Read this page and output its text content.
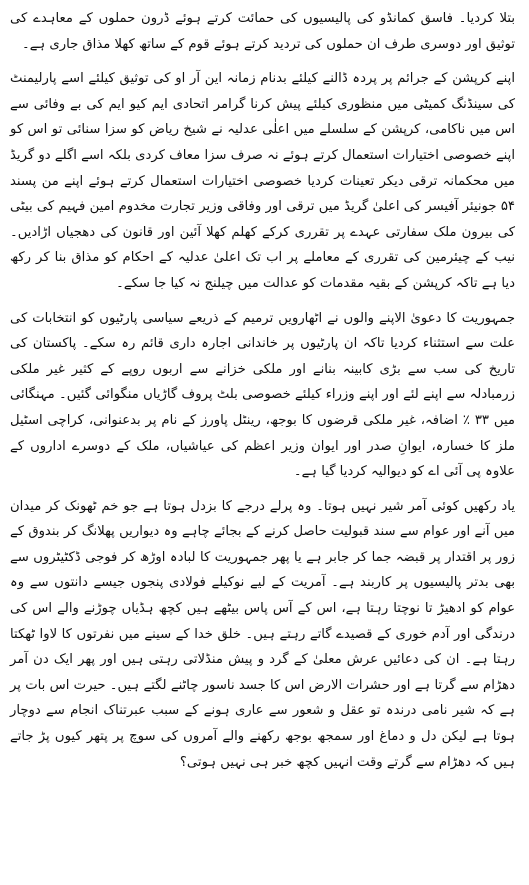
بتلا کردیا۔ فاسق کمانڈو کی پالیسیوں کی حمائت کرتے ہوئے ڈرون حملوں کے معاہدے کی توثیق اور دوسری طرف ان حملوں کی تردید کرتے ہوئے قوم کے ساتھ کھلا مذاق جاری ہے۔

اپنے کرپشن کے جرائم پر پردہ ڈالنے کیلئے بدنام زمانہ این آر او کی توثیق کیلئے اسے پارلیمنٹ کی سینڈنگ کمیٹی میں منظوری کیلئے پیش کرنا گرامر اتحادی ایم کیو ایم کی بے وفائی سے اس میں ناکامی، کرپشن کے سلسلے میں اعلٰی عدلیہ نے شیخ ریاض کو سزا سنائی تو اس کو اپنے خصوصی اختیارات استعمال کرتے ہوئے نہ صرف سزا معاف کردی بلکہ اسے اگلے دو گریڈ میں محکمانہ ترقی دیکر تعینات کردیا خصوصی اختیارات استعمال کرتے ہوئے اپنے من پسند ۵۴ جونیئر آفیسر کی اعلیٰ گریڈ میں ترقی اور وفاقی وزیر تجارت مخدوم امین فہیم کی بیٹی کی بیرون ملک سفارتی عہدے پر تقرری کرکے کھلم کھلا آئین اور قانون کی دھجیاں اڑادیں۔ نیب کے چیئرمین کی تقرری کے معاملے پر اب تک اعلیٰ عدلیہ کے احکام کو مذاق بنا کر رکھ دیا ہے تاکہ کرپشن کے بقیہ مقدمات کو عدالت میں چیلنج نہ کیا جا سکے۔

جمہوریت کا دعویٰ الاپنے والوں نے اٹھارویں ترمیم کے ذریعے سیاسی پارٹیوں کو انتخابات کی علت سے استثناء کردیا تاکہ ان پارٹیوں پر خاندانی اجارہ داری قائم رہ سکے۔ پاکستان کی تاریخ کی سب سے بڑی کابینہ بنانے اور ملکی خزانے سے اربوں روپے کے کثیر غیر ملکی زرمبادلہ سے اپنے لئے اور اپنے وزراء کیلئے خصوصی بلٹ پروف گاڑیاں منگوائی گئیں۔ مہنگائی میں ۳۳ ٪ اضافہ، غیر ملکی قرضوں کا بوجھ، رینٹل پاورز کے نام پر بدعنوانی، کراچی اسٹیل ملز کا خسارہ، ایوانِ صدر اور ایوان وزیر اعظم کی عیاشیاں، ملک کے دوسرے اداروں کے علاوہ پی آئی اے کو دیوالیہ کردیا گیا ہے۔

یاد رکھیں کوئی آمر شیر نہیں ہوتا۔ وہ پرلے درجے کا بزدل ہوتا ہے جو خم ٹھونک کر میدان میں آنے اور عوام سے سند قبولیت حاصل کرنے کے بجائے چاہے وہ دیواریں پھلانگ کر بندوق کے زور پر اقتدار پر قبضہ جما کر جابر ہے یا پھر جمہوریت کا لبادہ اوڑھ کر فوجی ڈکٹیٹروں سے بھی بدتر پالیسیوں پر کاربند ہے۔ آمریت کے لیے نوکیلے فولادی پنجوں جیسے دانتوں سے وہ عوام کو ادھیڑ تا نوچتا رہتا ہے، اس کے آس پاس بیٹھے ہیں کچھ ہڈیاں چوڑنے والے اس کی درندگی اور آدم خوری کے قصیدے گاتے رہتے ہیں۔ خلق خدا کے سینے میں نفرتوں کا لاوا ٹھکتا رہتا ہے۔ ان کی دعائیں عرش معلیٰ کے گرد و پیش منڈلاتی رہتی ہیں اور پھر ایک دن آمر دھڑام سے گرتا ہے اور حشرات الارض اس کا جسد ناسور چاٹنے لگتے ہیں۔ حیرت اس بات پر ہے کہ شیر نامی درندہ تو عقل و شعور سے عاری ہونے کے سبب عبرتناک انجام سے دوچار ہوتا ہے لیکن دل و دماغ اور سمجھ بوجھ رکھنے والے آمروں کی سوچ پر پتھر کیوں پڑ جاتے ہیں کہ دھڑام سے گرتے وقت انہیں کچھ خبر ہی نہیں ہوتی؟
